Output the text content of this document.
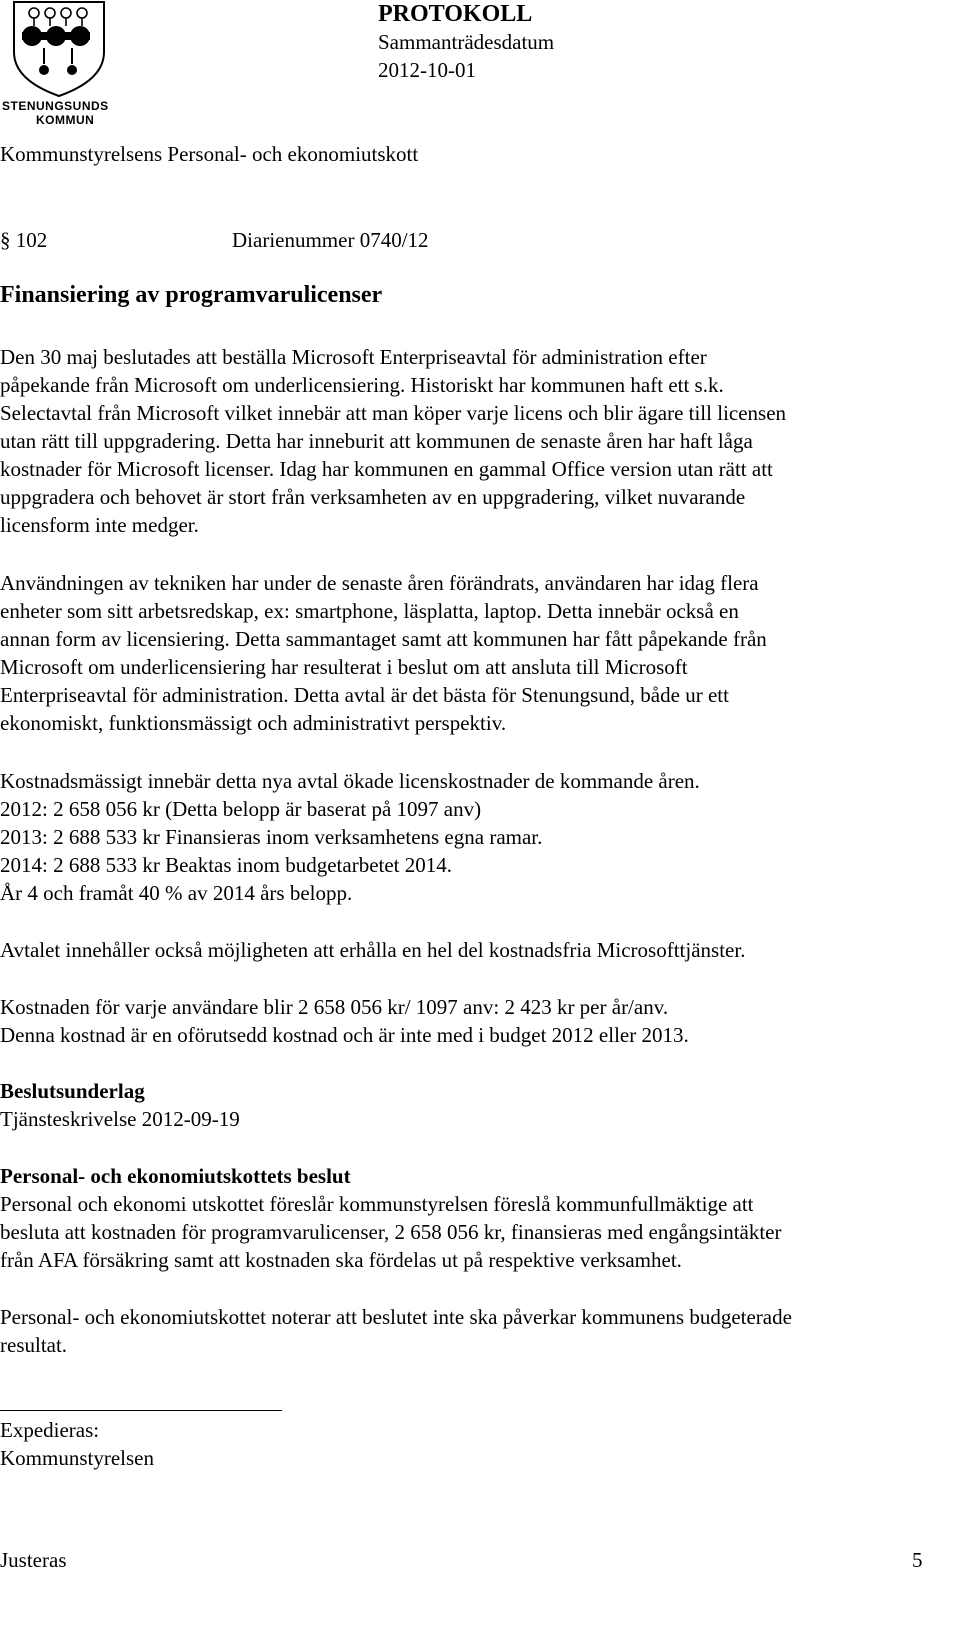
STENUNGSUNDS
KOMMUN
PROTOKOLL
Sammanträdesdatum
2012-10-01
Kommunstyrelsens Personal- och ekonomiutskott
§ 102	Diarienummer 0740/12
Finansiering av programvarulicenser
Den 30 maj beslutades att beställa Microsoft Enterpriseavtal för administration efter
påpekande från Microsoft om underlicensiering. Historiskt har kommunen haft ett s.k.
Selectavtal från Microsoft vilket innebär att man köper varje licens och blir ägare till licensen
utan rätt till uppgradering. Detta har inneburit att kommunen de senaste åren har haft låga
kostnader för Microsoft licenser. Idag har kommunen en gammal Office version utan rätt att
uppgradera och behovet är stort från verksamheten av en uppgradering, vilket nuvarande
licensform inte medger.
Användningen av tekniken har under de senaste åren förändrats, användaren har idag flera
enheter som sitt arbetsredskap, ex: smartphone, läsplatta, laptop. Detta innebär också en
annan form av licensiering. Detta sammantaget samt att kommunen har fått påpekande från
Microsoft om underlicensiering har resulterat i beslut om att ansluta till Microsoft
Enterpriseavtal för administration. Detta avtal är det bästa för Stenungsund, både ur ett
ekonomiskt, funktionsmässigt och administrativt perspektiv.
Kostnadsmässigt innebär detta nya avtal ökade licenskostnader de kommande åren.
2012: 2 658 056 kr (Detta belopp är baserat på 1097 anv)
2013: 2 688 533 kr Finansieras inom verksamhetens egna ramar.
2014: 2 688 533 kr Beaktas inom budgetarbetet 2014.
År 4 och framåt 40 % av 2014 års belopp.
Avtalet innehåller också möjligheten att erhålla en hel del kostnadsfria Microsofttjänster.
Kostnaden för varje användare blir 2 658 056 kr/ 1097 anv: 2 423 kr per år/anv.
Denna kostnad är en oförutsedd kostnad och är inte med i budget 2012 eller 2013.
Beslutsunderlag
Tjänsteskrivelse 2012-09-19
Personal- och ekonomiutskottets beslut
Personal och ekonomi utskottet föreslår kommunstyrelsen föreslå kommunfullmäktige att
besluta att kostnaden för programvarulicenser, 2 658 056 kr, finansieras med engångsintäkter
från AFA försäkring samt att kostnaden ska fördelas ut på respektive verksamhet.
Personal- och ekonomiutskottet noterar att beslutet inte ska påverkar kommunens budgeterade
resultat.
Expedieras:
Kommunstyrelsen
Justeras	5
